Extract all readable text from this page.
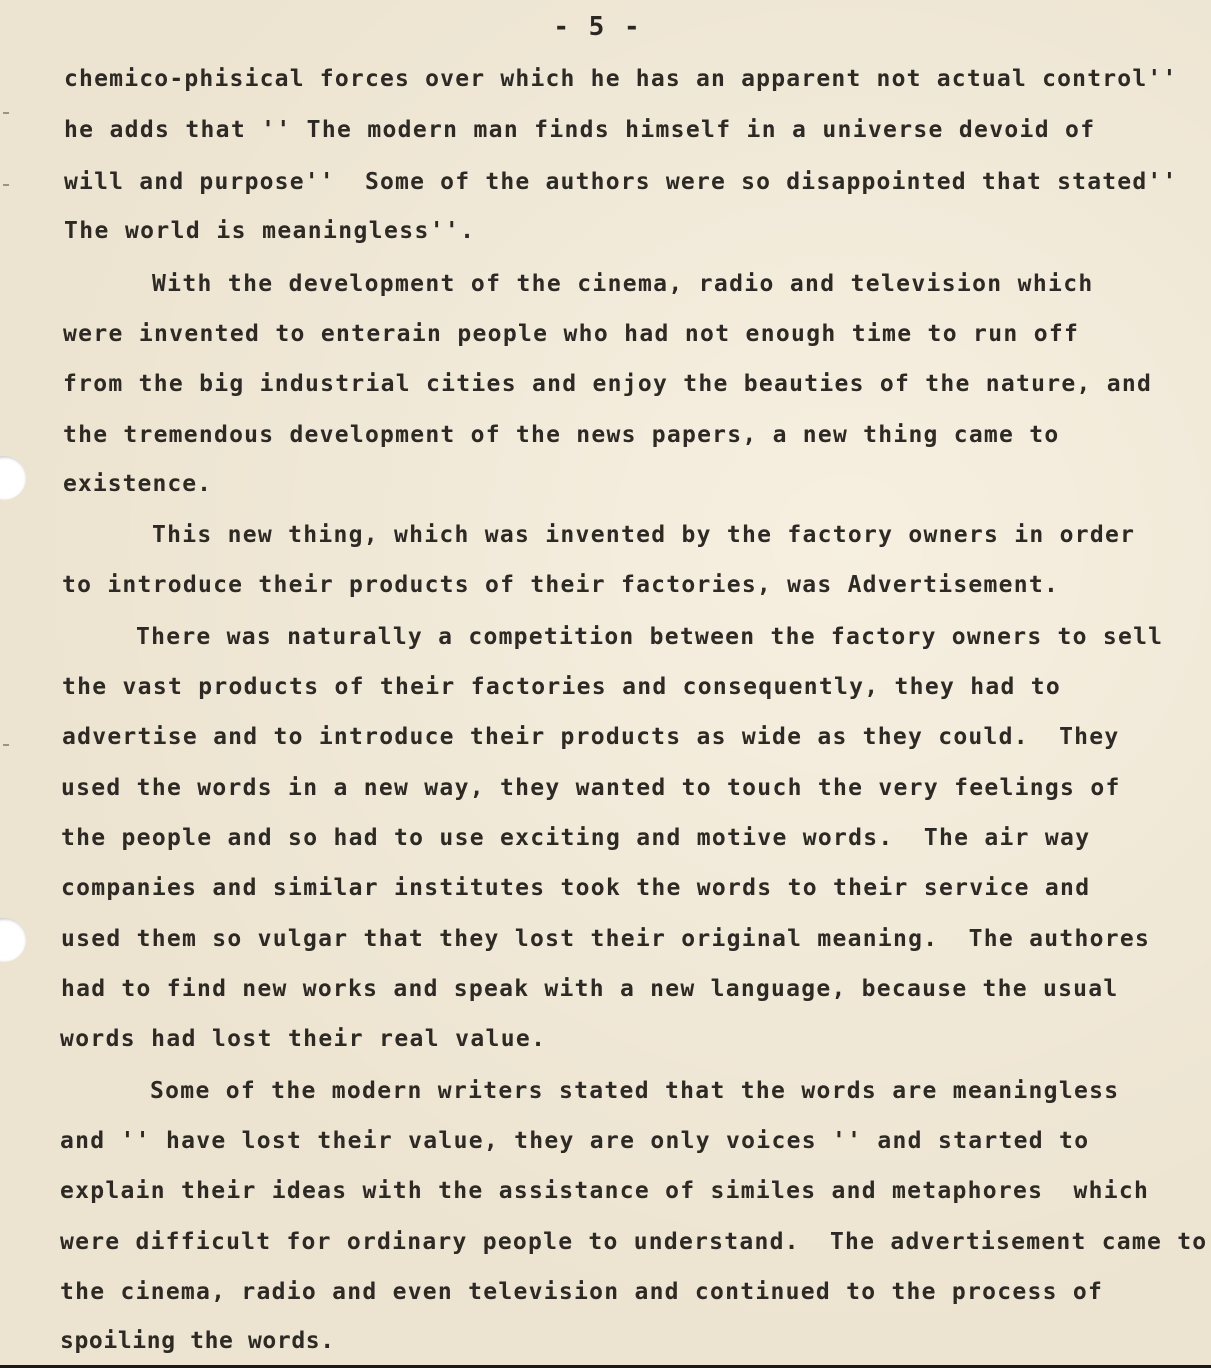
- 5 -
chemico-phisical forces over which he has an apparent not actual control''
he adds that '' The modern man finds himself in a universe devoid of
will and purpose''  Some of the authors were so disappointed that stated''
The world is meaningless''.
With the development of the cinema, radio and television which
were invented to enterain people who had not enough time to run off
from the big industrial cities and enjoy the beauties of the nature, and
the tremendous development of the news papers, a new thing came to
existence.
This new thing, which was invented by the factory owners in order
to introduce their products of their factories, was Advertisement.
There was naturally a competition between the factory owners to sell
the vast products of their factories and consequently, they had to
advertise and to introduce their products as wide as they could.  They
used the words in a new way, they wanted to touch the very feelings of
the people and so had to use exciting and motive words.  The air way
companies and similar institutes took the words to their service and
used them so vulgar that they lost their original meaning.  The authores
had to find new works and speak with a new language, because the usual
words had lost their real value.
Some of the modern writers stated that the words are meaningless
and '' have lost their value, they are only voices '' and started to
explain their ideas with the assistance of similes and metaphores  which
were difficult for ordinary people to understand.  The advertisement came to
the cinema, radio and even television and continued to the process of
spoiling the words.
